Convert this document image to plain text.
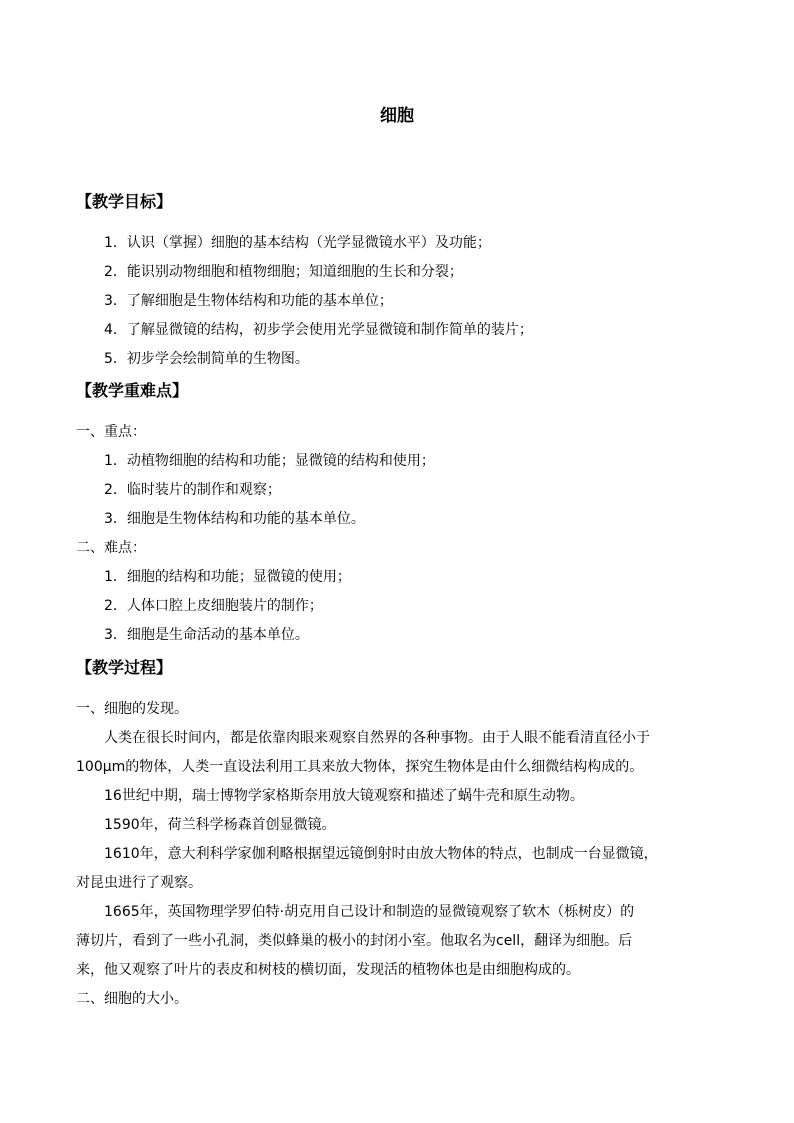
细胞
【教学目标】
1．认识（掌握）细胞的基本结构（光学显微镜水平）及功能；
2．能识别动物细胞和植物细胞；知道细胞的生长和分裂；
3．了解细胞是生物体结构和功能的基本单位；
4．了解显微镜的结构，初步学会使用光学显微镜和制作简单的装片；
5．初步学会绘制简单的生物图。
【教学重难点】
一、重点：
1．动植物细胞的结构和功能；显微镜的结构和使用；
2．临时装片的制作和观察；
3．细胞是生物体结构和功能的基本单位。
二、难点：
1．细胞的结构和功能；显微镜的使用；
2．人体口腔上皮细胞装片的制作；
3．细胞是生命活动的基本单位。
【教学过程】
一、细胞的发现。
人类在很长时间内，都是依靠肉眼来观察自然界的各种事物。由于人眼不能看清直径小于
100μm的物体，人类一直设法利用工具来放大物体，探究生物体是由什么细微结构构成的。
16世纪中期，瑞士博物学家格斯奈用放大镜观察和描述了蜗牛壳和原生动物。
1590年，荷兰科学杨森首创显微镜。
1610年，意大利科学家伽利略根据望远镜倒射时由放大物体的特点，也制成一台显微镜，
对昆虫进行了观察。
1665年，英国物理学罗伯特·胡克用自己设计和制造的显微镜观察了软木（栎树皮）的
薄切片，看到了一些小孔洞，类似蜂巢的极小的封闭小室。他取名为cell，翻译为细胞。后
来，他又观察了叶片的表皮和树枝的横切面，发现活的植物体也是由细胞构成的。
二、细胞的大小。
